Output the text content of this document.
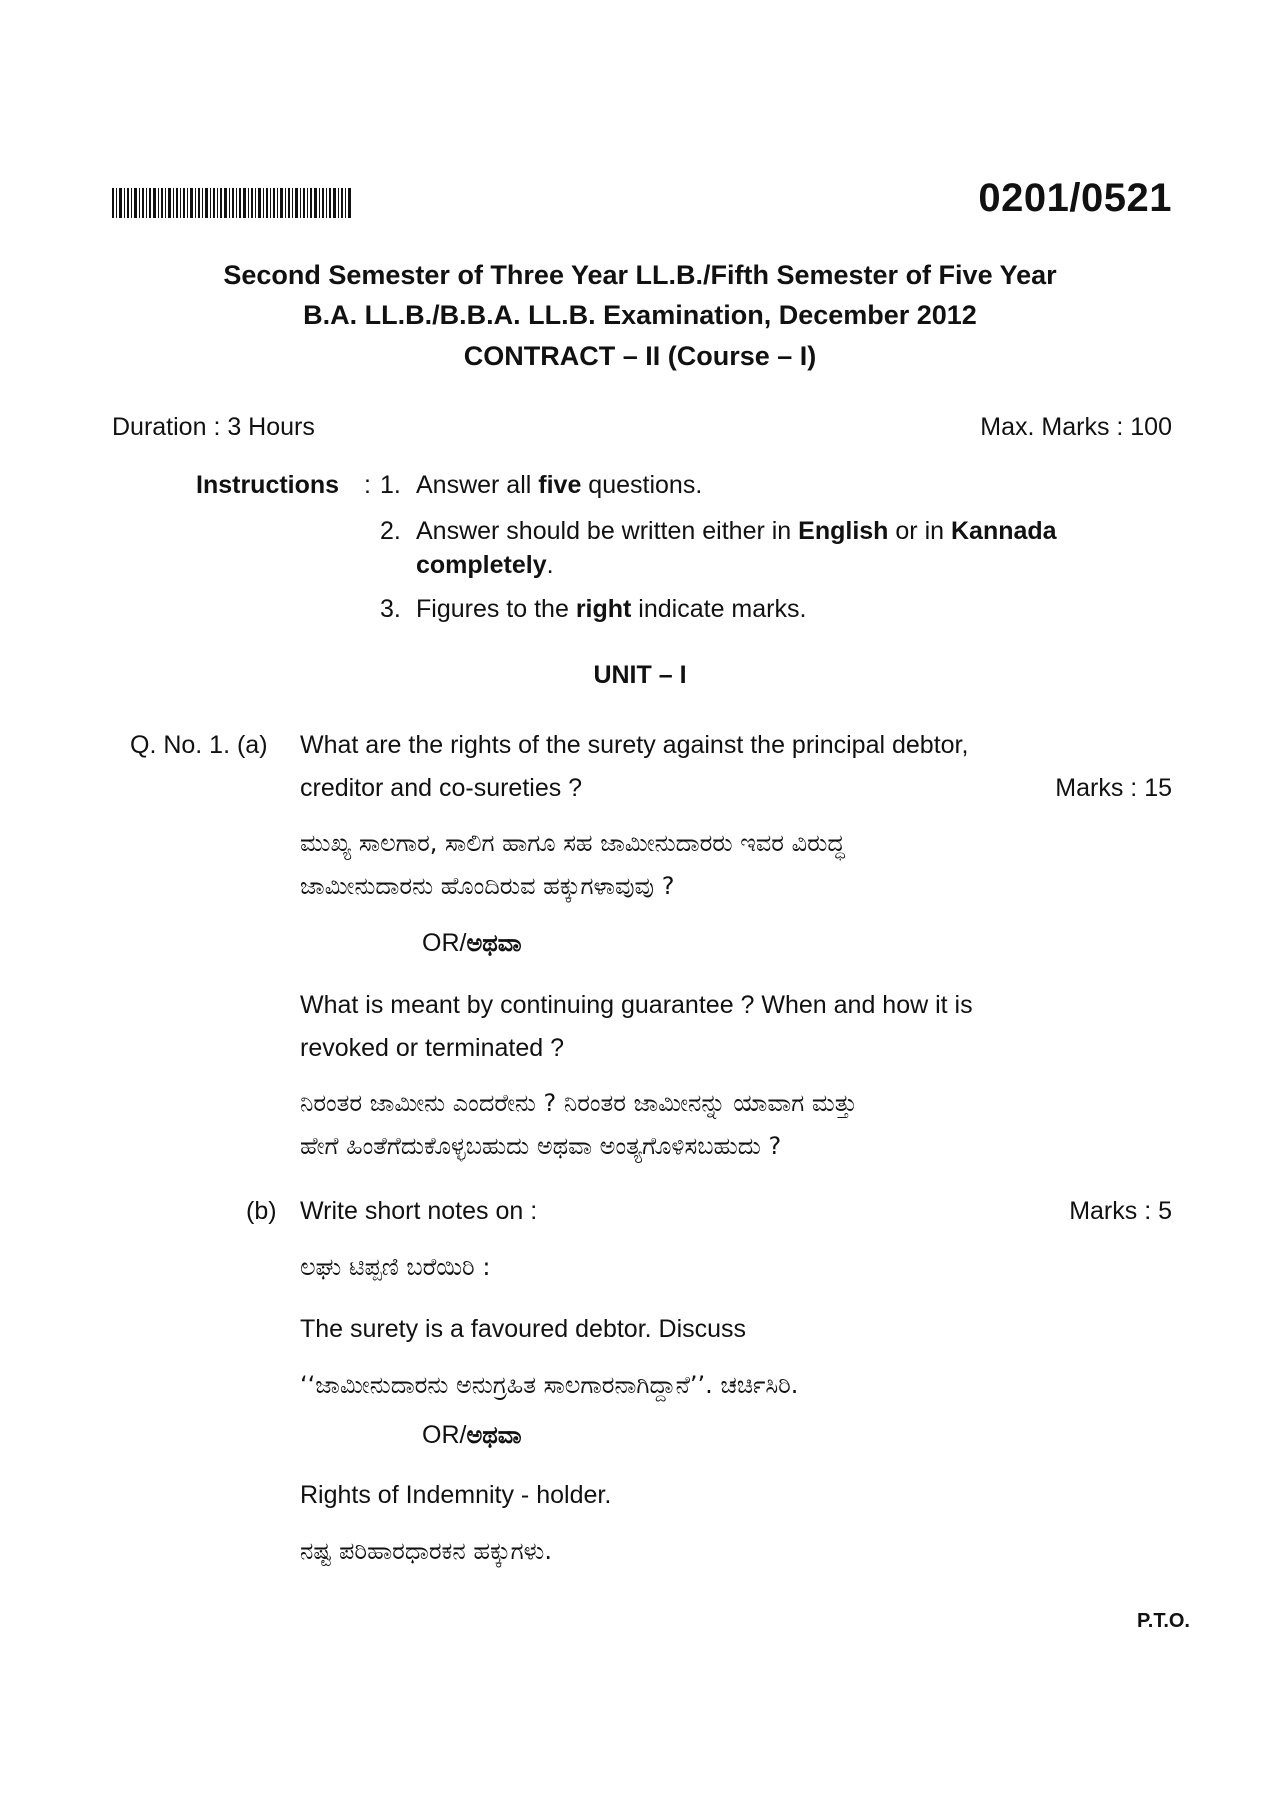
0201/0521
Second Semester of Three Year LL.B./Fifth Semester of Five Year
B.A. LL.B./B.B.A. LL.B. Examination, December 2012
CONTRACT – II (Course – I)
Duration : 3 Hours	Max. Marks : 100
Instructions : 1. Answer all five questions.
2. Answer should be written either in English or in Kannada
completely.
3. Figures to the right indicate marks.
UNIT – I
Q. No. 1. (a) What are the rights of the surety against the principal debtor,
creditor and co-sureties ?	Marks : 15
ಮುಖ್ಯ ಸಾಲಗಾರ, ಸಾಲಿಗ ಹಾಗೂ ಸಹ ಜಾಮೀನುದಾರರು ಇವರ ವಿರುದ್ಧ
ಜಾಮೀನುದಾರನು ಹೊಂದಿರುವ ಹಕ್ಕುಗಳಾವುವು ?
OR/ಅಥವಾ
What is meant by continuing guarantee ? When and how it is
revoked or terminated ?
ನಿರಂತರ ಜಾಮೀನು ಎಂದರೇನು ? ನಿರಂತರ ಜಾಮೀನನ್ನು ಯಾವಾಗ ಮತ್ತು
ಹೇಗೆ ಹಿಂತೆಗೆದುಕೊಳ್ಳಬಹುದು ಅಥವಾ ಅಂತ್ಯಗೊಳಿಸಬಹುದು ?
(b) Write short notes on :	Marks : 5
ಲಘು ಟಿಪ್ಪಣಿ ಬರೆಯಿರಿ :
The surety is a favoured debtor. Discuss
‘‘ಜಾಮೀನುದಾರನು ಅನುಗ್ರಹಿತ ಸಾಲಗಾರನಾಗಿದ್ದಾನೆ’’. ಚರ್ಚಿಸಿರಿ.
OR/ಅಥವಾ
Rights of Indemnity - holder.
ನಷ್ಟ ಪರಿಹಾರಧಾರಕನ ಹಕ್ಕುಗಳು.
P.T.O.
